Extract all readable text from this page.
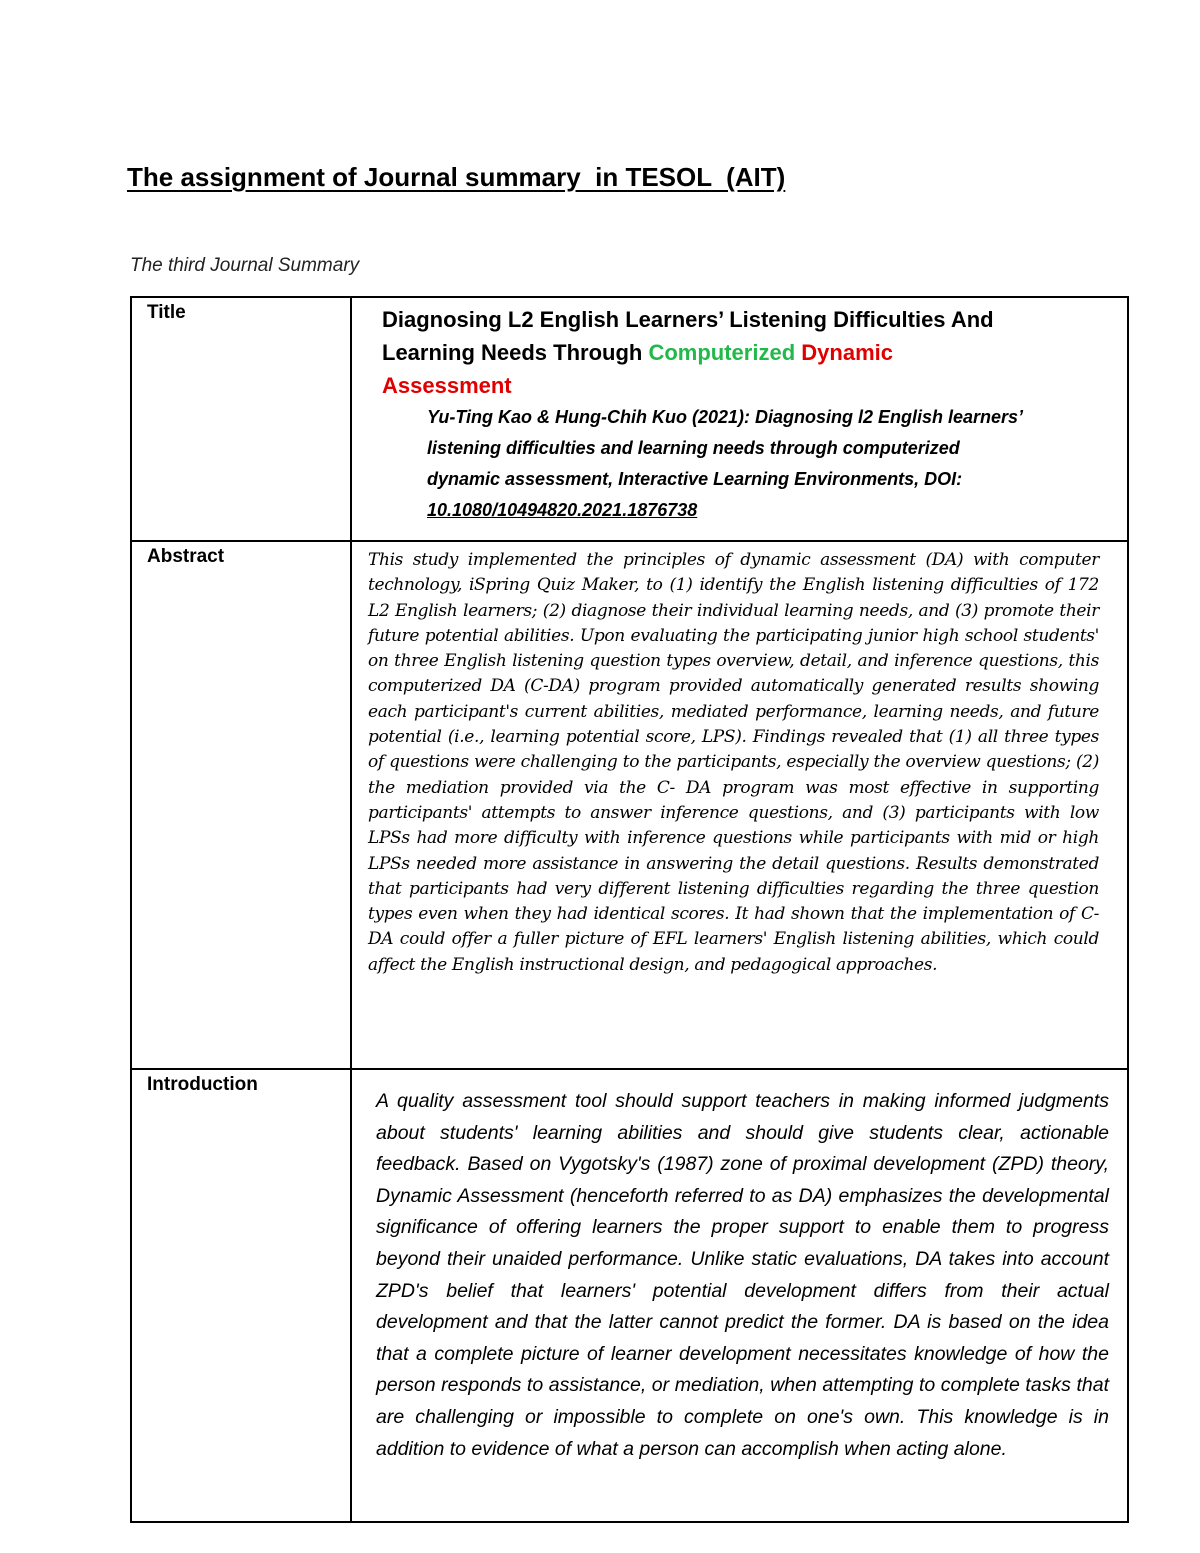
The assignment of Journal summary  in TESOL  (AIT)

The third Journal Summary

Title	Diagnosing L2 English Learners’ Listening Difficulties And Learning Needs Through Computerized Dynamic Assessment

Yu-Ting Kao & Hung-Chih Kuo (2021): Diagnosing l2 English learners’ listening difficulties and learning needs through computerized dynamic assessment, Interactive Learning Environments, DOI: 10.1080/10494820.2021.1876738

Abstract	This study implemented the principles of dynamic assessment (DA) with computer technology, iSpring Quiz Maker, to (1) identify the English listening difficulties of 172 L2 English learners; (2) diagnose their individual learning needs, and (3) promote their future potential abilities. Upon evaluating the participating junior high school students' on three English listening question types overview, detail, and inference questions, this computerized DA (C-DA) program provided automatically generated results showing each participant's current abilities, mediated performance, learning needs, and future potential (i.e., learning potential score, LPS). Findings revealed that (1) all three types of questions were challenging to the participants, especially the overview questions; (2) the mediation provided via the C- DA program was most effective in supporting participants' attempts to answer inference questions, and (3) participants with low LPSs had more difficulty with inference questions while participants with mid or high LPSs needed more assistance in answering the detail questions. Results demonstrated that participants had very different listening difficulties regarding the three question types even when they had identical scores. It had shown that the implementation of C-DA could offer a fuller picture of EFL learners' English listening abilities, which could affect the English instructional design, and pedagogical approaches.

Introduction	A quality assessment tool should support teachers in making informed judgments about students' learning abilities and should give students clear, actionable feedback. Based on Vygotsky's (1987) zone of proximal development (ZPD) theory, Dynamic Assessment (henceforth referred to as DA) emphasizes the developmental significance of offering learners the proper support to enable them to progress beyond their unaided performance. Unlike static evaluations, DA takes into account ZPD's belief that learners' potential development differs from their actual development and that the latter cannot predict the former. DA is based on the idea that a complete picture of learner development necessitates knowledge of how the person responds to assistance, or mediation, when attempting to complete tasks that are challenging or impossible to complete on one's own. This knowledge is in addition to evidence of what a person can accomplish when acting alone.
